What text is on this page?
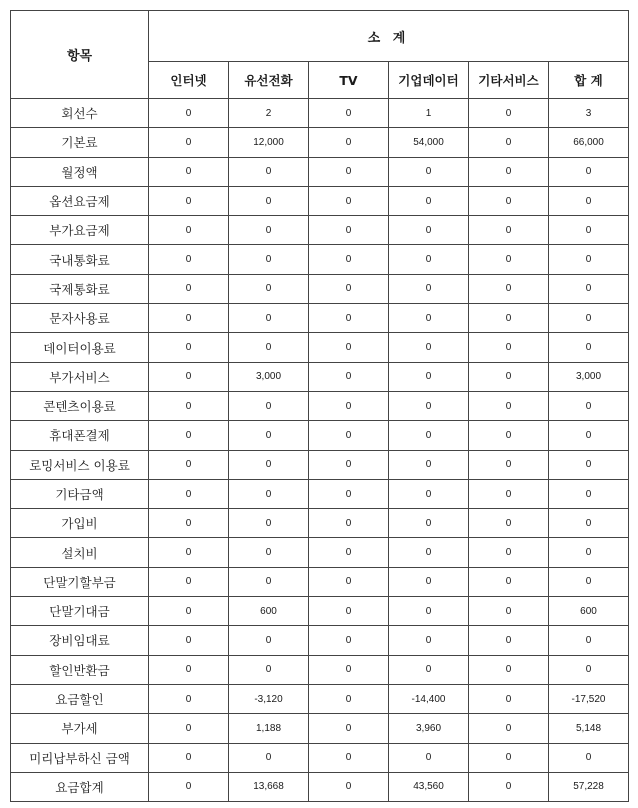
항목	소 계					
	인터넷	유선전화	TV	기업데이터	기타서비스	합 계
회선수	0	2	0	1	0	3
기본료	0	12,000	0	54,000	0	66,000
월정액	0	0	0	0	0	0
옵션요금제	0	0	0	0	0	0
부가요금제	0	0	0	0	0	0
국내통화료	0	0	0	0	0	0
국제통화료	0	0	0	0	0	0
문자사용료	0	0	0	0	0	0
데이터이용료	0	0	0	0	0	0
부가서비스	0	3,000	0	0	0	3,000
콘텐츠이용료	0	0	0	0	0	0
휴대폰결제	0	0	0	0	0	0
로밍서비스 이용료	0	0	0	0	0	0
기타금액	0	0	0	0	0	0
가입비	0	0	0	0	0	0
설치비	0	0	0	0	0	0
단말기할부금	0	0	0	0	0	0
단말기대금	0	600	0	0	0	600
장비임대료	0	0	0	0	0	0
할인반환금	0	0	0	0	0	0
요금할인	0	-3,120	0	-14,400	0	-17,520
부가세	0	1,188	0	3,960	0	5,148
미리납부하신 금액	0	0	0	0	0	0
요금합계	0	13,668	0	43,560	0	57,228
